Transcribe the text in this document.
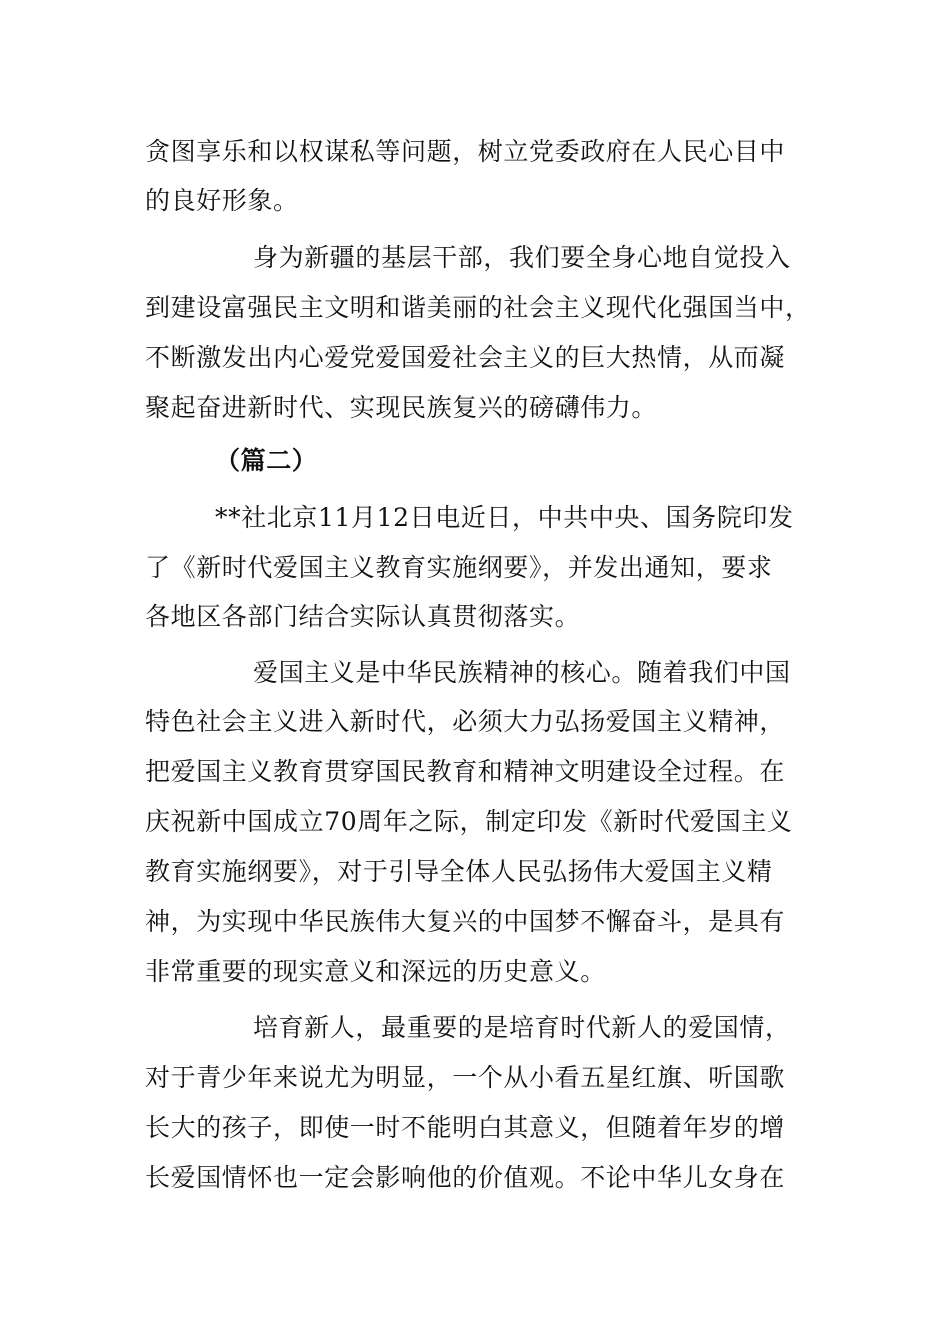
贪图享乐和以权谋私等问题，树立党委政府在人民心目中
的良好形象。
身为新疆的基层干部，我们要全身心地自觉投入
到建设富强民主文明和谐美丽的社会主义现代化强国当中，
不断激发出内心爱党爱国爱社会主义的巨大热情，从而凝
聚起奋进新时代、实现民族复兴的磅礴伟力。
（篇二）
**社北京11月12日电近日，中共中央、国务院印发
了《新时代爱国主义教育实施纲要》，并发出通知，要求
各地区各部门结合实际认真贯彻落实。
爱国主义是中华民族精神的核心。随着我们中国
特色社会主义进入新时代，必须大力弘扬爱国主义精神，
把爱国主义教育贯穿国民教育和精神文明建设全过程。在
庆祝新中国成立70周年之际，制定印发《新时代爱国主义
教育实施纲要》，对于引导全体人民弘扬伟大爱国主义精
神，为实现中华民族伟大复兴的中国梦不懈奋斗，是具有
非常重要的现实意义和深远的历史意义。
培育新人，最重要的是培育时代新人的爱国情，
对于青少年来说尤为明显，一个从小看五星红旗、听国歌
长大的孩子，即使一时不能明白其意义，但随着年岁的增
长爱国情怀也一定会影响他的价值观。不论中华儿女身在
